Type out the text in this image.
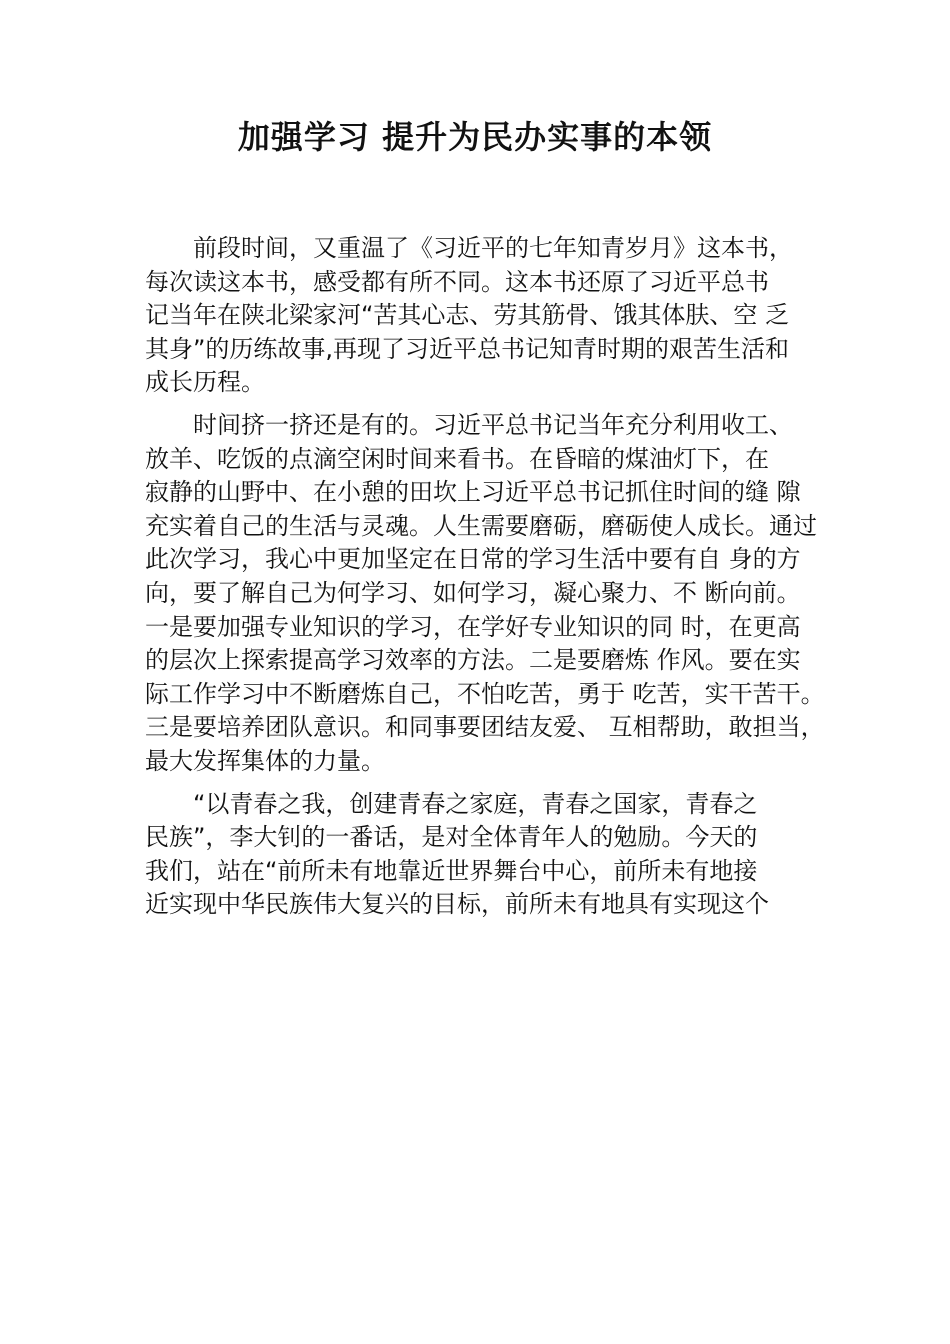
加强学习 提升为民办实事的本领

前段时间，又重温了《习近平的七年知青岁月》这本书，
每次读这本书，感受都有所不同。这本书还原了习近平总书
记当年在陕北梁家河“苦其心志、劳其筋骨、饿其体肤、空 乏
其身”的历练故事,再现了习近平总书记知青时期的艰苦生活和
成长历程。

时间挤一挤还是有的。习近平总书记当年充分利用收工、
放羊、吃饭的点滴空闲时间来看书。在昏暗的煤油灯下，在
寂静的山野中、在小憩的田坎上习近平总书记抓住时间的缝 隙
充实着自己的生活与灵魂。人生需要磨砺，磨砺使人成长。通过
此次学习，我心中更加坚定在日常的学习生活中要有自 身的方
向，要了解自己为何学习、如何学习，凝心聚力、不 断向前。
一是要加强专业知识的学习，在学好专业知识的同 时，在更高
的层次上探索提高学习效率的方法。二是要磨炼 作风。要在实
际工作学习中不断磨炼自己，不怕吃苦，勇于 吃苦，实干苦干。
三是要培养团队意识。和同事要团结友爱、 互相帮助，敢担当，
最大发挥集体的力量。

“以青春之我，创建青春之家庭，青春之国家，青春之
民族”，李大钊的一番话，是对全体青年人的勉励。今天的
我们，站在“前所未有地靠近世界舞台中心，前所未有地接
近实现中华民族伟大复兴的目标，前所未有地具有实现这个
